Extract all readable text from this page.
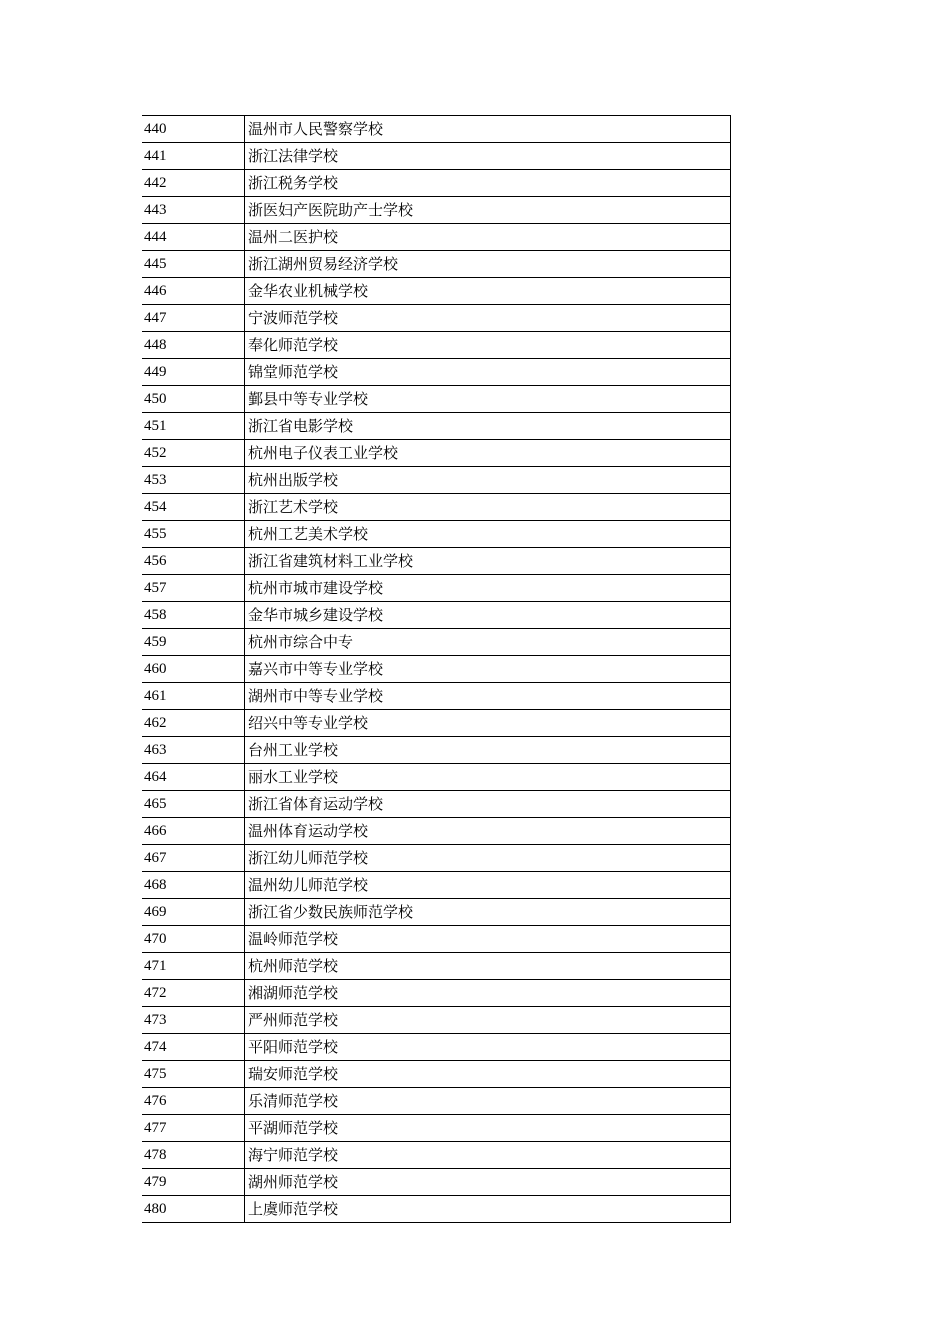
440	温州市人民警察学校
441	浙江法律学校
442	浙江税务学校
443	浙医妇产医院助产士学校
444	温州二医护校
445	浙江湖州贸易经济学校
446	金华农业机械学校
447	宁波师范学校
448	奉化师范学校
449	锦堂师范学校
450	鄞县中等专业学校
451	浙江省电影学校
452	杭州电子仪表工业学校
453	杭州出版学校
454	浙江艺术学校
455	杭州工艺美术学校
456	浙江省建筑材料工业学校
457	杭州市城市建设学校
458	金华市城乡建设学校
459	杭州市综合中专
460	嘉兴市中等专业学校
461	湖州市中等专业学校
462	绍兴中等专业学校
463	台州工业学校
464	丽水工业学校
465	浙江省体育运动学校
466	温州体育运动学校
467	浙江幼儿师范学校
468	温州幼儿师范学校
469	浙江省少数民族师范学校
470	温岭师范学校
471	杭州师范学校
472	湘湖师范学校
473	严州师范学校
474	平阳师范学校
475	瑞安师范学校
476	乐清师范学校
477	平湖师范学校
478	海宁师范学校
479	湖州师范学校
480	上虞师范学校
